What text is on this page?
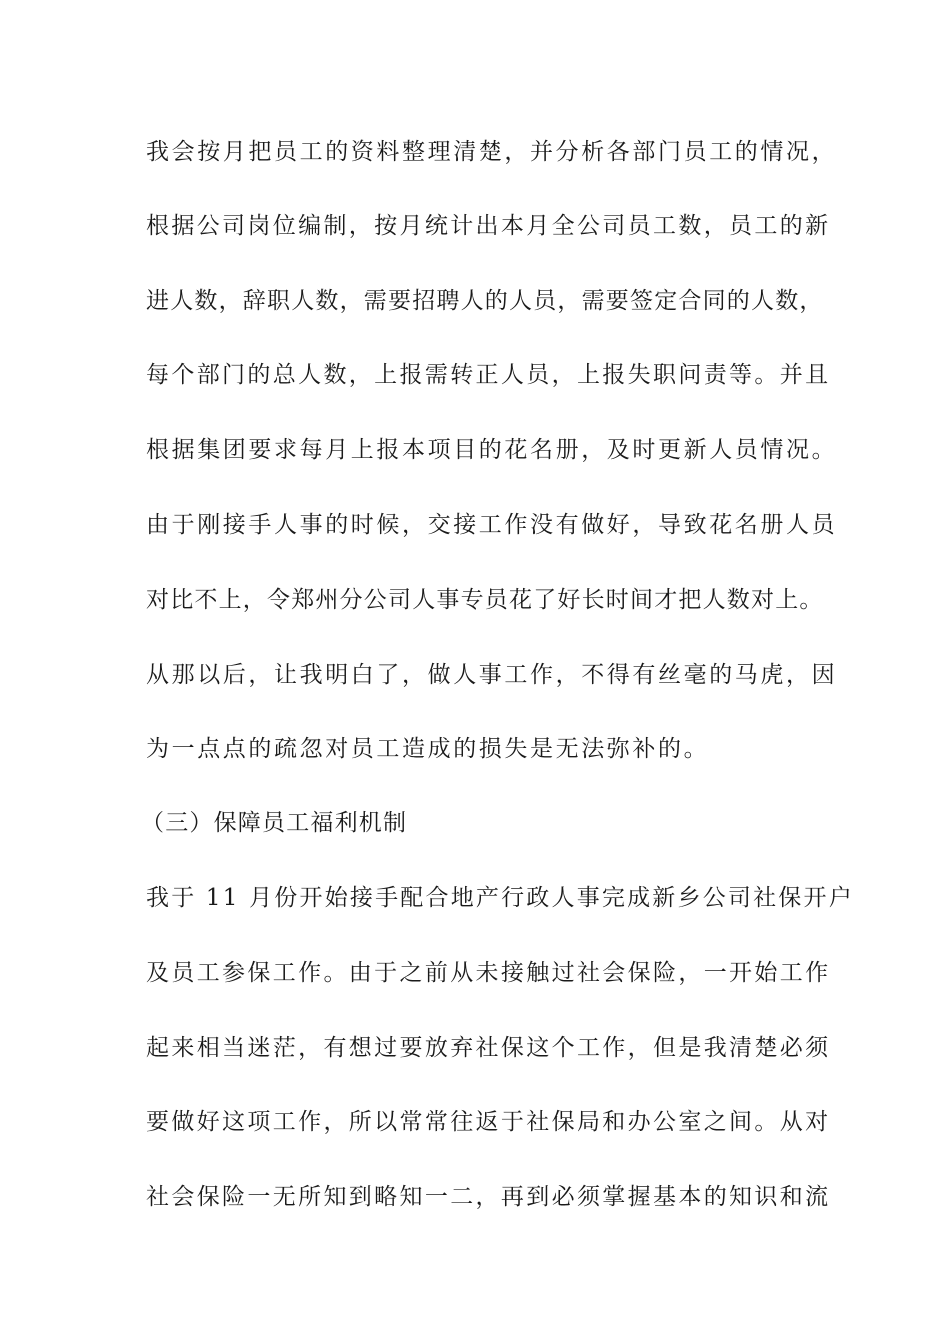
我会按月把员工的资料整理清楚，并分析各部门员工的情况，
根据公司岗位编制，按月统计出本月全公司员工数，员工的新
进人数，辞职人数，需要招聘人的人员，需要签定合同的人数，
每个部门的总人数，上报需转正人员，上报失职问责等。并且
根据集团要求每月上报本项目的花名册，及时更新人员情况。
由于刚接手人事的时候，交接工作没有做好，导致花名册人员
对比不上，令郑州分公司人事专员花了好长时间才把人数对上。
从那以后，让我明白了，做人事工作，不得有丝毫的马虎，因
为一点点的疏忽对员工造成的损失是无法弥补的。
（三）保障员工福利机制
我于 11 月份开始接手配合地产行政人事完成新乡公司社保开户
及员工参保工作。由于之前从未接触过社会保险，一开始工作
起来相当迷茫，有想过要放弃社保这个工作，但是我清楚必须
要做好这项工作，所以常常往返于社保局和办公室之间。从对
社会保险一无所知到略知一二，再到必须掌握基本的知识和流
